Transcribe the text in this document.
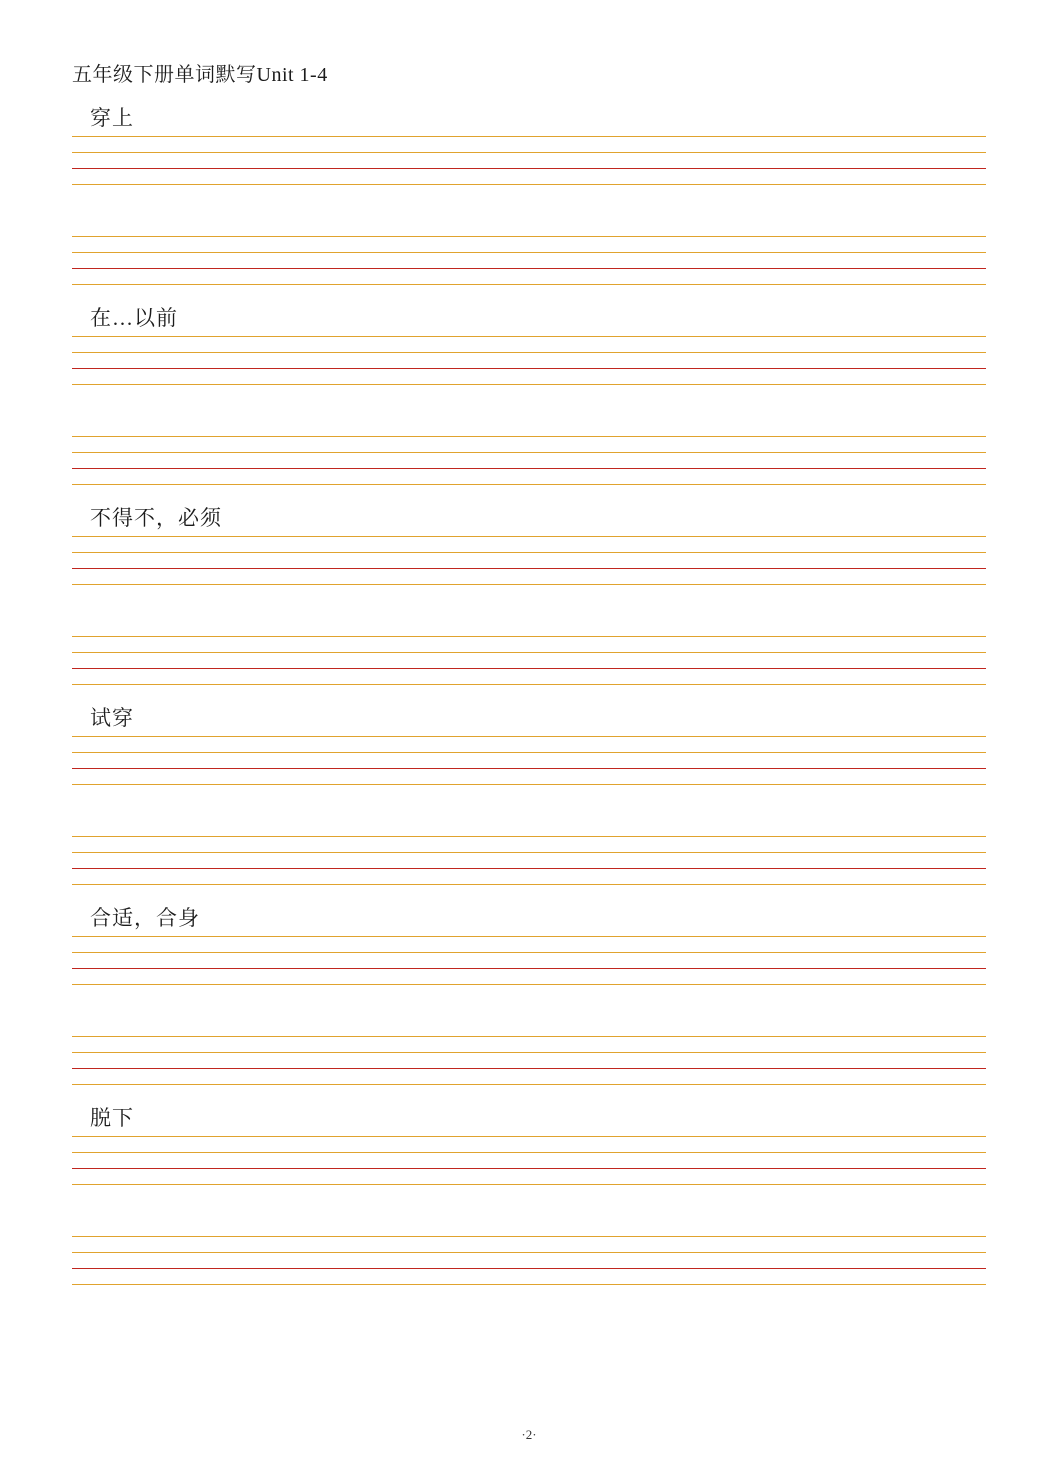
五年级下册单词默写Unit 1-4
穿上
在…以前
不得不，必须
试穿
合适，合身
脱下
·2·
